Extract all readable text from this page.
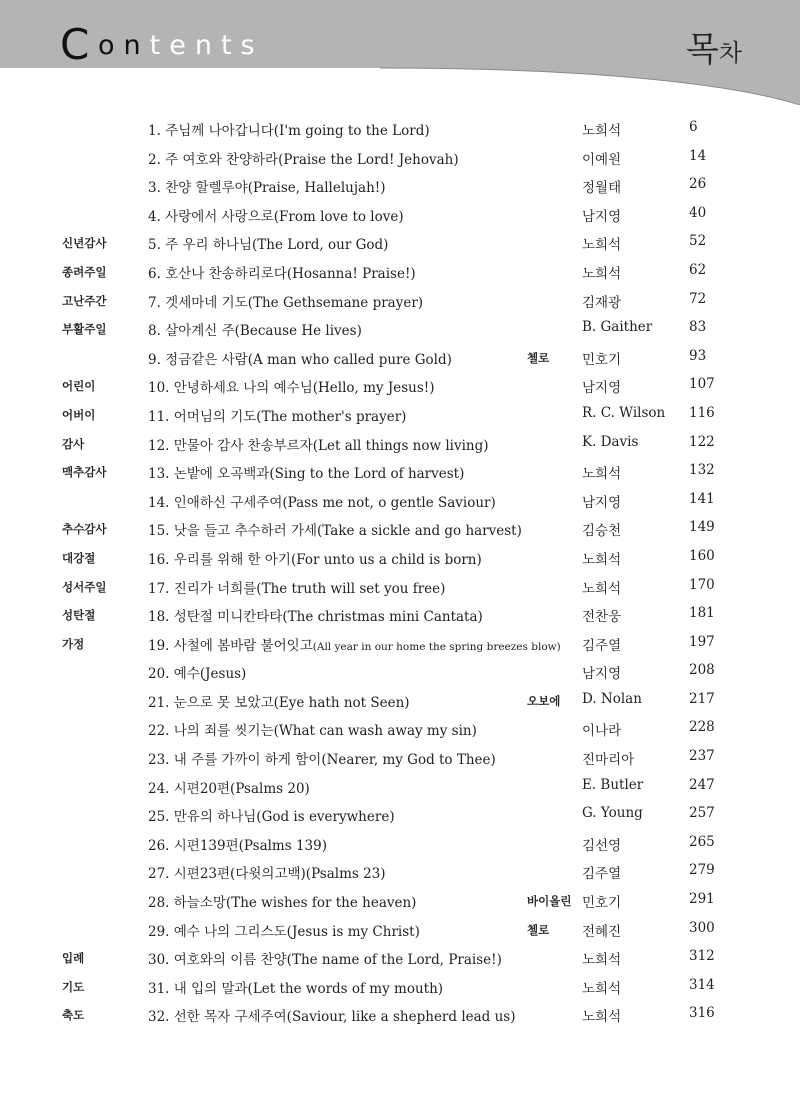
C ontents	목차
1. 주님께 나아갑니다(I'm going to the Lord)	노희석	6
2. 주 여호와 찬양하라(Praise the Lord! Jehovah)	이예원	14
3. 찬양 할렐루야(Praise, Hallelujah!)	정월태	26
4. 사랑에서 사랑으로(From love to love)	남지영	40
신년감사	5. 주 우리 하나님(The Lord, our God)	노희석	52
종려주일	6. 호산나 찬송하리로다(Hosanna! Praise!)	노희석	62
고난주간	7. 겟세마네 기도(The Gethsemane prayer)	김재광	72
부활주일	8. 살아계신 주(Because He lives)	B. Gaither	83
9. 정금같은 사람(A man who called pure Gold)	첼로 민호기	93
어린이	10. 안녕하세요 나의 예수님(Hello, my Jesus!)	남지영	107
어버이	11. 어머님의 기도(The mother's prayer)	R. C. Wilson 116
감사	12. 만물아 감사 찬송부르자(Let all things now living)	K. Davis	122
맥추감사	13. 논밭에 오곡백과(Sing to the Lord of harvest)	노희석	132
14. 인애하신 구세주여(Pass me not, o gentle Saviour)	남지영	141
추수감사	15. 낫을 들고 추수하러 가세(Take a sickle and go harvest)	김승천	149
대강절	16. 우리를 위해 한 아기(For unto us a child is born)	노희석	160
성서주일	17. 진리가 너희를(The truth will set you free)	노희석	170
성탄절	18. 성탄절 미니칸타타(The christmas mini Cantata)	전찬웅	181
가정	19. 사철에 봄바람 불어잇고(All year in our home the spring breezes blow) 김주열	197
20. 예수(Jesus)	남지영	208
21. 눈으로 못 보았고(Eye hath not Seen)	오보에 D. Nolan	217
22. 나의 죄를 씻기는(What can wash away my sin)	이나라	228
23. 내 주를 가까이 하게 함이(Nearer, my God to Thee)	진마리아	237
24. 시편20편(Psalms 20)	E. Butler	247
25. 만유의 하나님(God is everywhere)	G. Young	257
26. 시편139편(Psalms 139)	김선영	265
27. 시편23편(다윗의고백)(Psalms 23)	김주열	279
28. 하늘소망(The wishes for the heaven)	바이올린 민호기	291
29. 예수 나의 그리스도(Jesus is my Christ)	첼로 전혜진	300
입례	30. 여호와의 이름 찬양(The name of the Lord, Praise!)	노희석	312
기도	31. 내 입의 말과(Let the words of my mouth)	노희석	314
축도	32. 선한 목자 구세주여(Saviour, like a shepherd lead us)	노희석	316
